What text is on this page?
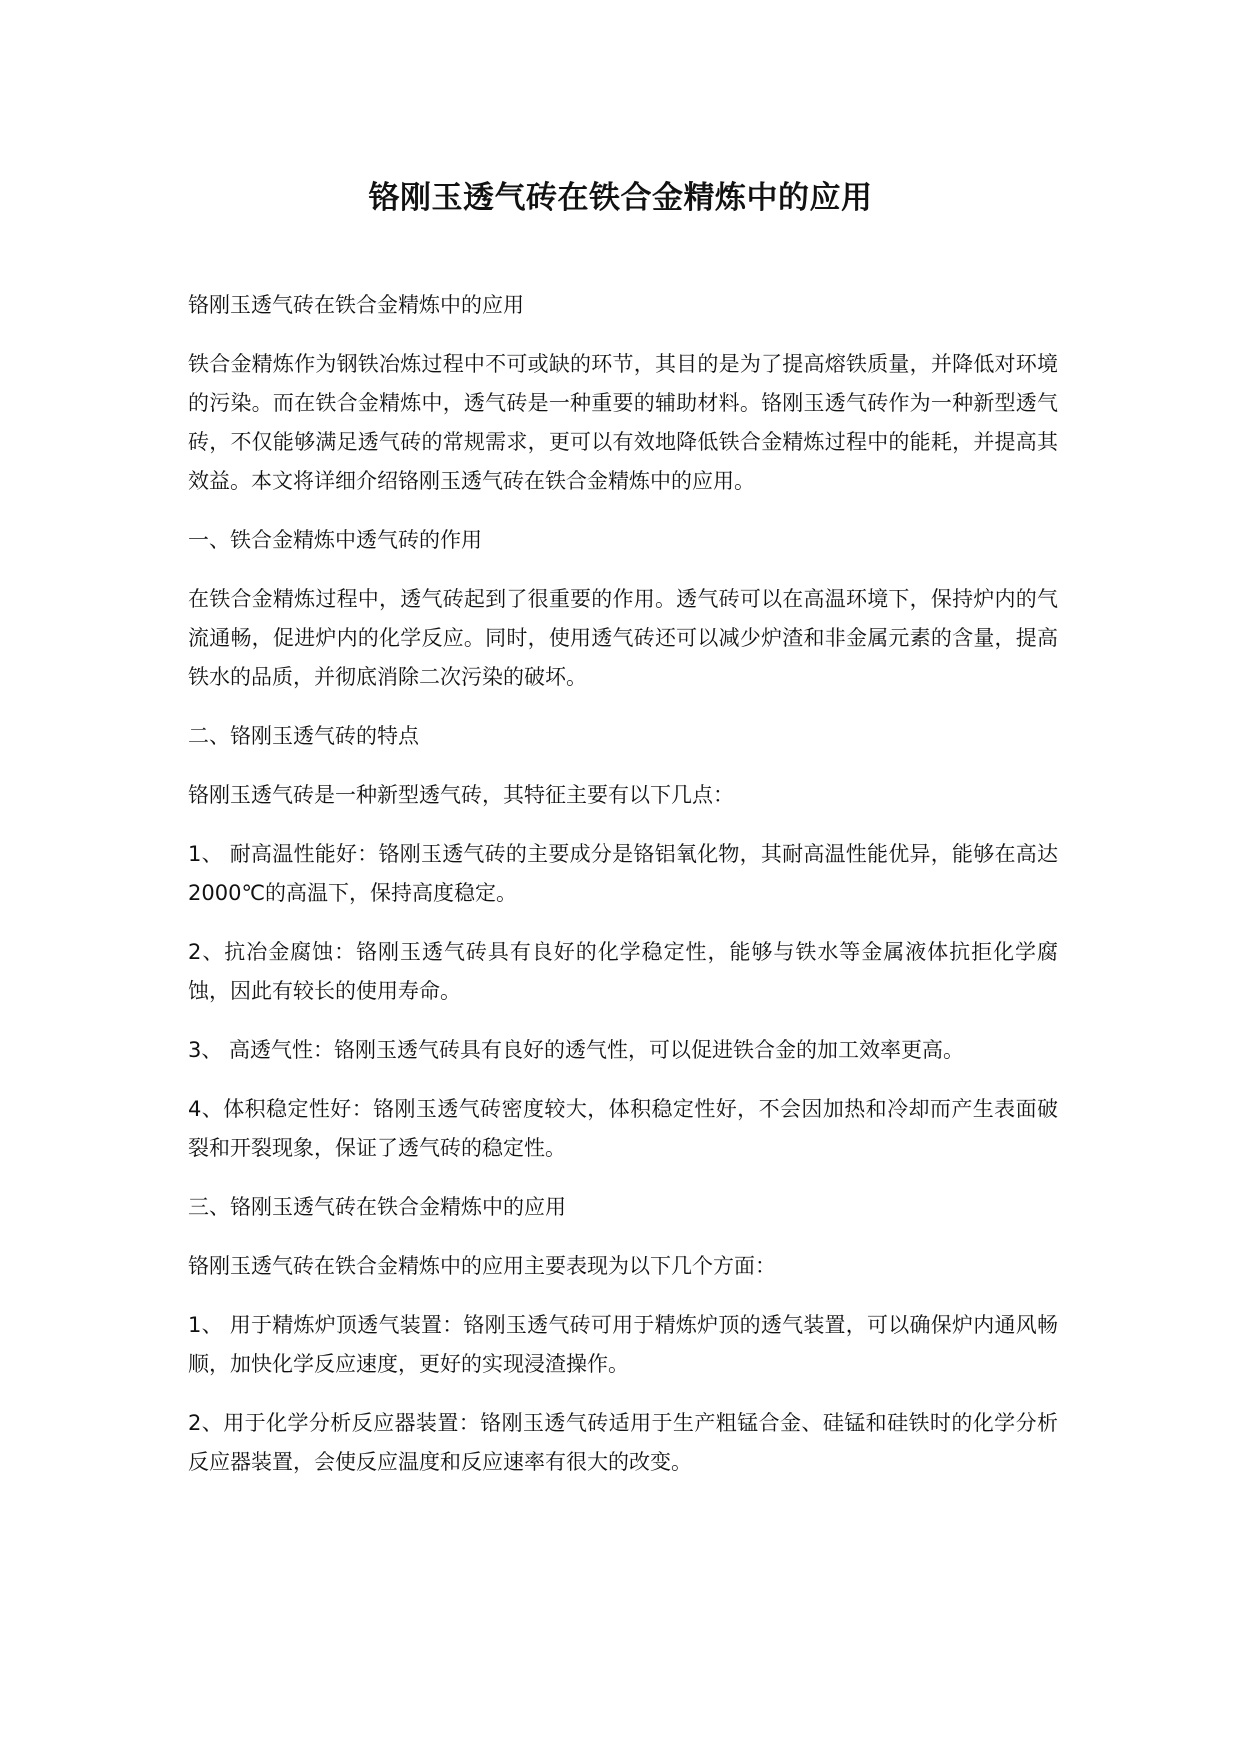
铬刚玉透气砖在铁合金精炼中的应用

铬刚玉透气砖在铁合金精炼中的应用

铁合金精炼作为钢铁冶炼过程中不可或缺的环节，其目的是为了提高熔铁质量，并降低对环境的污染。而在铁合金精炼中，透气砖是一种重要的辅助材料。铬刚玉透气砖作为一种新型透气砖，不仅能够满足透气砖的常规需求，更可以有效地降低铁合金精炼过程中的能耗，并提高其效益。本文将详细介绍铬刚玉透气砖在铁合金精炼中的应用。

一、铁合金精炼中透气砖的作用

在铁合金精炼过程中，透气砖起到了很重要的作用。透气砖可以在高温环境下，保持炉内的气流通畅，促进炉内的化学反应。同时，使用透气砖还可以减少炉渣和非金属元素的含量，提高铁水的品质，并彻底消除二次污染的破坏。

二、铬刚玉透气砖的特点

铬刚玉透气砖是一种新型透气砖，其特征主要有以下几点：

1、 耐高温性能好：铬刚玉透气砖的主要成分是铬铝氧化物，其耐高温性能优异，能够在高达 2000℃的高温下，保持高度稳定。

2、抗冶金腐蚀：铬刚玉透气砖具有良好的化学稳定性，能够与铁水等金属液体抗拒化学腐蚀，因此有较长的使用寿命。

3、 高透气性：铬刚玉透气砖具有良好的透气性，可以促进铁合金的加工效率更高。

4、体积稳定性好：铬刚玉透气砖密度较大，体积稳定性好，不会因加热和冷却而产生表面破裂和开裂现象，保证了透气砖的稳定性。

三、铬刚玉透气砖在铁合金精炼中的应用

铬刚玉透气砖在铁合金精炼中的应用主要表现为以下几个方面：

1、 用于精炼炉顶透气装置：铬刚玉透气砖可用于精炼炉顶的透气装置，可以确保炉内通风畅顺，加快化学反应速度，更好的实现浸渣操作。

2、用于化学分析反应器装置：铬刚玉透气砖适用于生产粗锰合金、硅锰和硅铁时的化学分析反应器装置，会使反应温度和反应速率有很大的改变。
